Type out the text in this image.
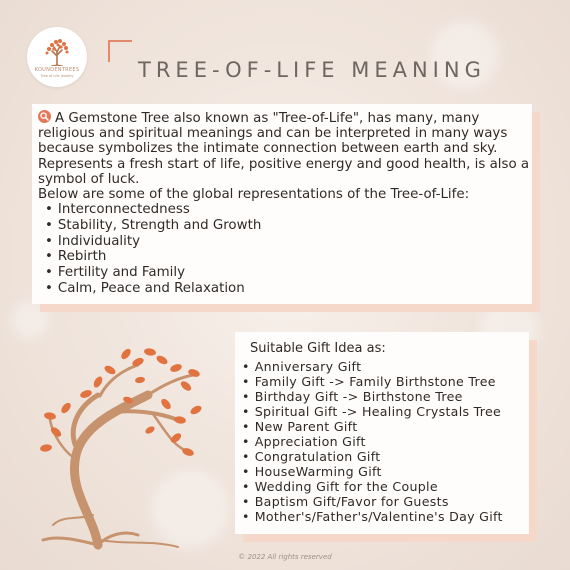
KOUNDENTREES
Tree of Life Jewelry	TREE-OF-LIFE MEANING

A Gemstone Tree also known as "Tree-of-Life", has many, many religious and spiritual meanings and can be interpreted in many ways because symbolizes the intimate connection between earth and sky. Represents a fresh start of life, positive energy and good health, is also a symbol of luck.
Below are some of the global representations of the Tree-of-Life:

• Interconnectedness
• Stability, Strength and Growth
• Individuality
• Rebirth
• Fertility and Family
• Calm, Peace and Relaxation

Suitable Gift Idea as:

• Anniversary Gift
• Family Gift -> Family Birthstone Tree
• Birthday Gift -> Birthstone Tree
• Spiritual Gift -> Healing Crystals Tree
• New Parent Gift
• Appreciation Gift
• Congratulation Gift
• HouseWarming Gift
• Wedding Gift for the Couple
• Baptism Gift/Favor for Guests
• Mother's/Father's/Valentine's Day Gift
© 2022 All rights reserved
